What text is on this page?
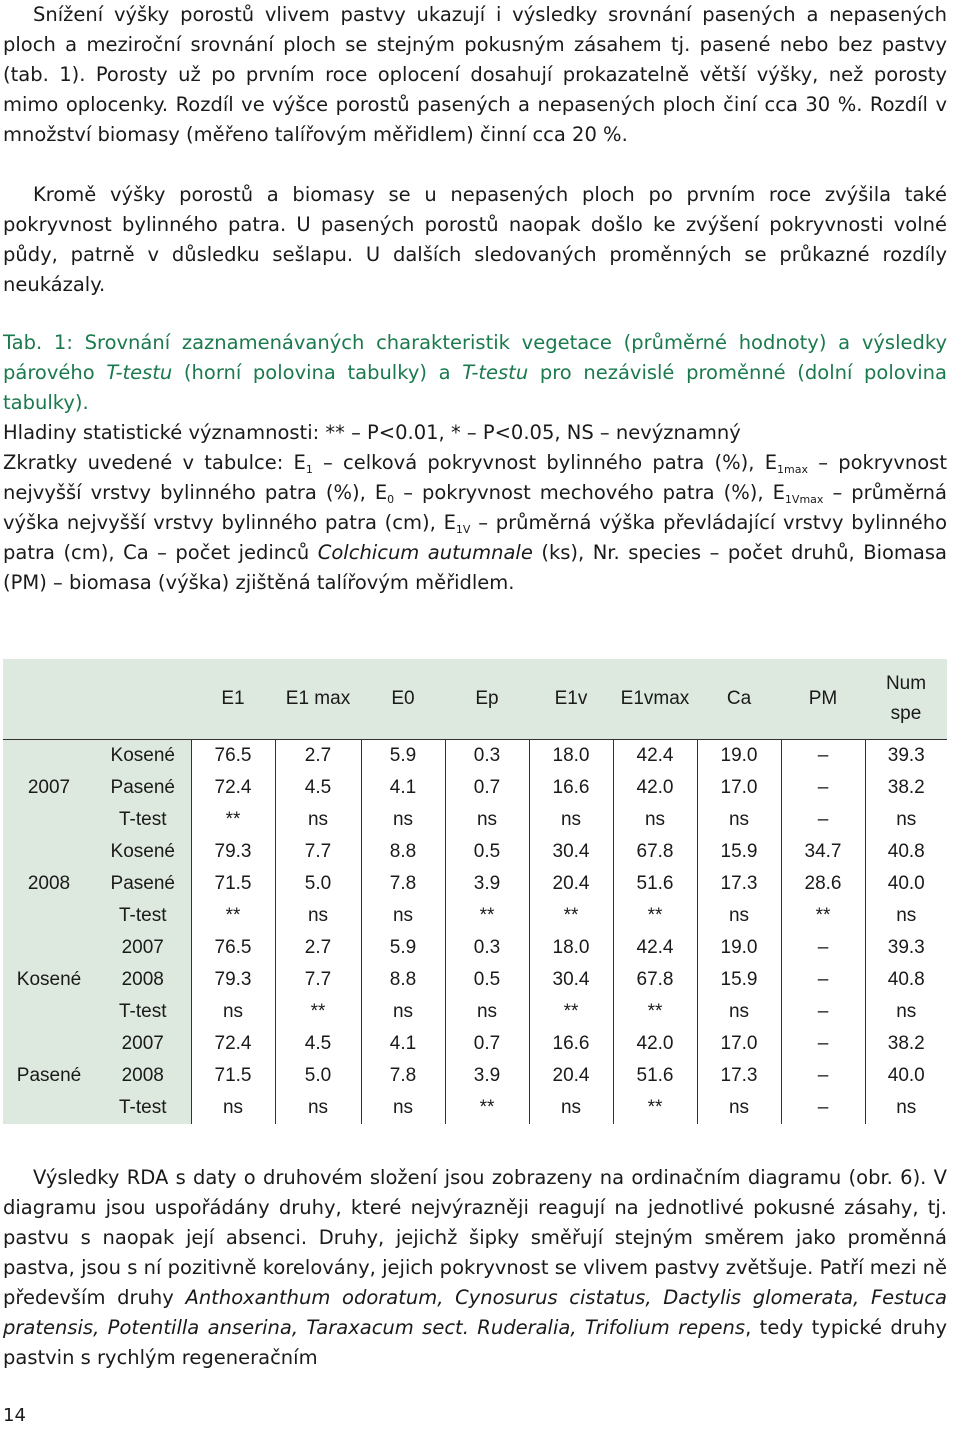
Snížení výšky porostů vlivem pastvy ukazují i výsledky srovnání pasených a nepasených ploch a meziroční srovnání ploch se stejným pokusným zásahem tj. pasené nebo bez pastvy (tab. 1). Porosty už po prvním roce oplocení dosahují prokazatelně větší výšky, než porosty mimo oplocenky. Rozdíl ve výšce porostů pasených a nepasených ploch činí cca 30 %. Rozdíl v množství biomasy (měřeno talířovým měřidlem) činní cca 20 %.

Kromě výšky porostů a biomasy se u nepasených ploch po prvním roce zvýšila také pokryvnost bylinného patra. U pasených porostů naopak došlo ke zvýšení pokryvnosti volné půdy, patrně v důsledku sešlapu. U dalších sledovaných proměnných se průkazné rozdíly neukázaly.

Tab. 1: Srovnání zaznamenávaných charakteristik vegetace (průměrné hodnoty) a výsledky párového T-testu (horní polovina tabulky) a T-testu pro nezávislé proměnné (dolní polovina tabulky).

Hladiny statistické významnosti: ** – P<0.01, * – P<0.05, NS – nevýznamný

Zkratky uvedené v tabulce: $E_1$ – celková pokryvnost bylinného patra (%), $E_{1max}$ – pokryvnost nejvyšší vrstvy bylinného patra (%), $E_0$ – pokryvnost mechového patra (%), $E_{1Vmax}$ – průměrná výška nejvyšší vrstvy bylinného patra (cm), $E_{1V}$ – průměrná výška převládající vrstvy bylinného patra (cm), Ca – počet jedinců Colchicum autumnale (ks), Nr. species – počet druhů, Biomasa (PM) – biomasa (výška) zjištěná talířovým měřidlem.

		E1	E1 max	E0	Ep	E1v	E1vmax	Ca	PM	Num spe
2007	Kosené	76.5	2.7	5.9	0.3	18.0	42.4	19.0	–	39.3
	Pasené	72.4	4.5	4.1	0.7	16.6	42.0	17.0	–	38.2
	T-test	**	ns	ns	ns	ns	ns	ns	–	ns
2008	Kosené	79.3	7.7	8.8	0.5	30.4	67.8	15.9	34.7	40.8
	Pasené	71.5	5.0	7.8	3.9	20.4	51.6	17.3	28.6	40.0
	T-test	**	ns	ns	**	**	**	ns	**	ns
Kosené	2007	76.5	2.7	5.9	0.3	18.0	42.4	19.0	–	39.3
	2008	79.3	7.7	8.8	0.5	30.4	67.8	15.9	–	40.8
	T-test	ns	**	ns	ns	**	**	ns	–	ns
Pasené	2007	72.4	4.5	4.1	0.7	16.6	42.0	17.0	–	38.2
	2008	71.5	5.0	7.8	3.9	20.4	51.6	17.3	–	40.0
	T-test	ns	ns	ns	**	ns	**	ns	–	ns

Výsledky RDA s daty o druhovém složení jsou zobrazeny na ordinačním diagramu (obr. 6). V diagramu jsou uspořádány druhy, které nejvýrazněji reagují na jednotlivé pokusné zásahy, tj. pastvu s naopak její absenci. Druhy, jejichž šipky směřují stejným směrem jako proměnná pastva, jsou s ní pozitivně korelovány, jejich pokryvnost se vlivem pastvy zvětšuje. Patří mezi ně především druhy Anthoxanthum odoratum, Cynosurus cistatus, Dactylis glomerata, Festuca pratensis, Potentilla anserina, Taraxacum sect. Ruderalia, Trifolium repens, tedy typické druhy pastvin s rychlým regeneračním

14
